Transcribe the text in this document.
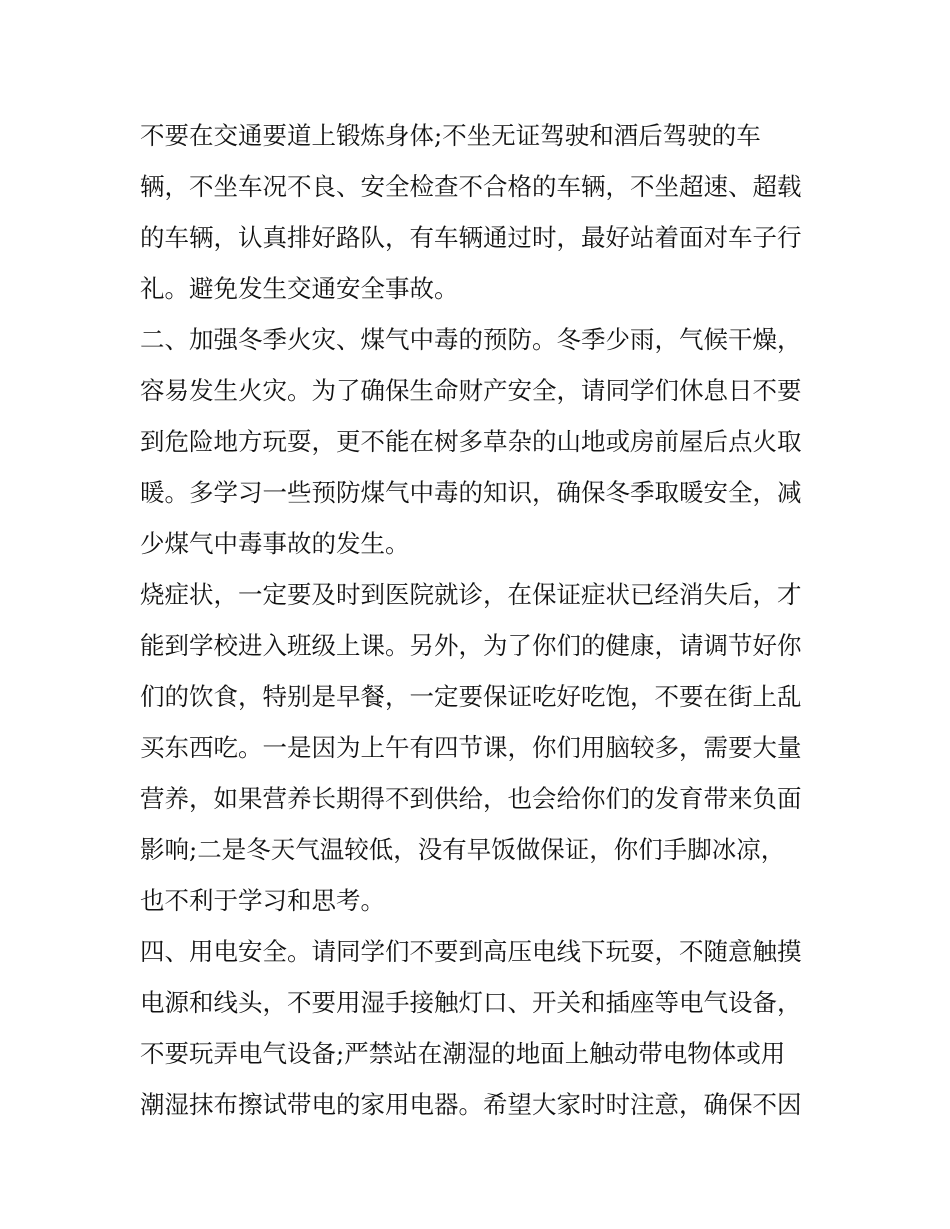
不要在交通要道上锻炼身体;不坐无证驾驶和酒后驾驶的车

辆，不坐车况不良、安全检查不合格的车辆，不坐超速、超载

的车辆，认真排好路队，有车辆通过时，最好站着面对车子行

礼。避免发生交通安全事故。

二、加强冬季火灾、煤气中毒的预防。冬季少雨，气候干燥，

容易发生火灾。为了确保生命财产安全，请同学们休息日不要

到危险地方玩耍，更不能在树多草杂的山地或房前屋后点火取

暖。多学习一些预防煤气中毒的知识，确保冬季取暖安全，减

少煤气中毒事故的发生。

烧症状，一定要及时到医院就诊，在保证症状已经消失后，才

能到学校进入班级上课。另外，为了你们的健康，请调节好你

们的饮食，特别是早餐，一定要保证吃好吃饱，不要在街上乱

买东西吃。一是因为上午有四节课，你们用脑较多，需要大量

营养，如果营养长期得不到供给，也会给你们的发育带来负面

影响;二是冬天气温较低，没有早饭做保证，你们手脚冰凉，

也不利于学习和思考。

四、用电安全。请同学们不要到高压电线下玩耍，不随意触摸

电源和线头，不要用湿手接触灯口、开关和插座等电气设备，

不要玩弄电气设备;严禁站在潮湿的地面上触动带电物体或用

潮湿抹布擦试带电的家用电器。希望大家时时注意，确保不因
